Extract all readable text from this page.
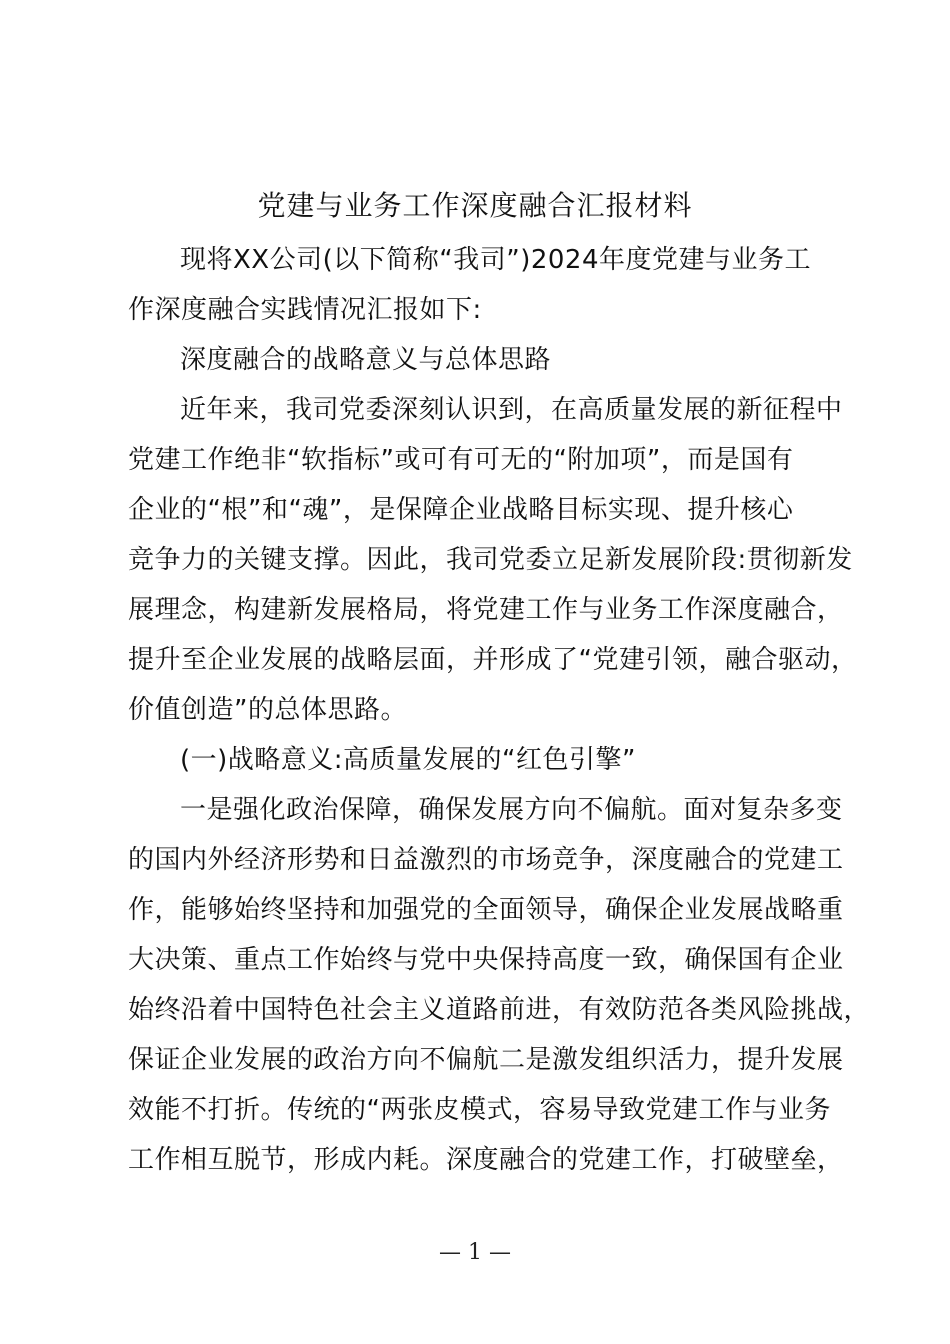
党建与业务工作深度融合汇报材料
现将XX公司(以下简称“我司”)2024年度党建与业务工
作深度融合实践情况汇报如下:
深度融合的战略意义与总体思路
近年来，我司党委深刻认识到，在高质量发展的新征程中
党建工作绝非“软指标”或可有可无的“附加项”，而是国有
企业的“根”和“魂”，是保障企业战略目标实现、提升核心
竞争力的关键支撑。因此，我司党委立足新发展阶段:贯彻新发
展理念，构建新发展格局，将党建工作与业务工作深度融合，
提升至企业发展的战略层面，并形成了“党建引领，融合驱动，
价值创造”的总体思路。
(一)战略意义:高质量发展的“红色引擎”
一是强化政治保障，确保发展方向不偏航。面对复杂多变
的国内外经济形势和日益激烈的市场竞争，深度融合的党建工
作，能够始终坚持和加强党的全面领导，确保企业发展战略重
大决策、重点工作始终与党中央保持高度一致，确保国有企业
始终沿着中国特色社会主义道路前进，有效防范各类风险挑战，
保证企业发展的政治方向不偏航二是激发组织活力，提升发展
效能不打折。传统的“两张皮模式，容易导致党建工作与业务
工作相互脱节，形成内耗。深度融合的党建工作，打破壁垒，
— 1 —
